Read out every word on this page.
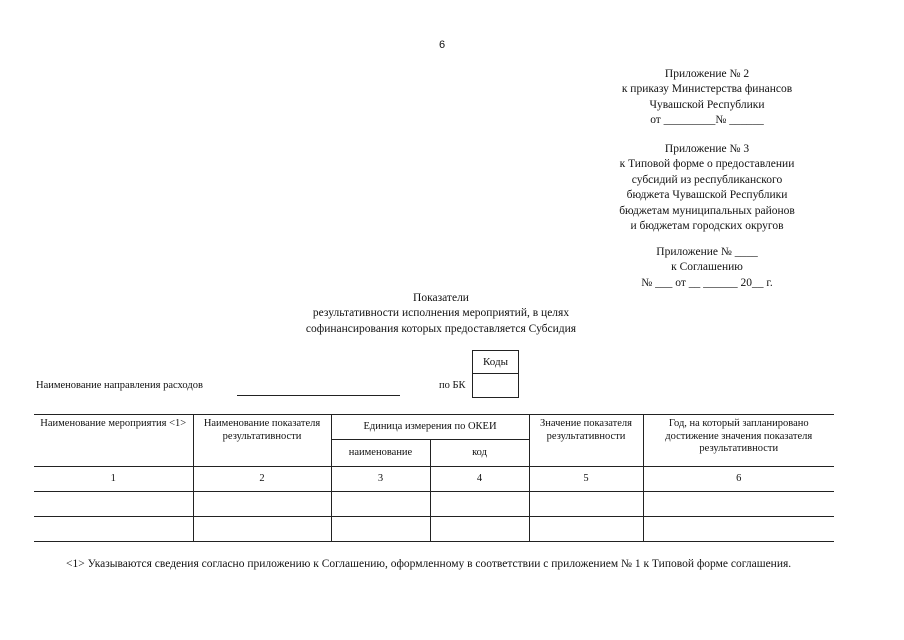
6
Приложение № 2
к приказу Министерства финансов
Чувашской Республики
от _________№ ______
Приложение № 3
к Типовой форме о предоставлении
субсидий из республиканского
бюджета Чувашской Республики
бюджетам муниципальных районов
и бюджетам городских округов
Приложение № ____
к Соглашению
№ ___ от __ ______ 20__ г.
Показатели
результативности исполнения мероприятий, в целях
софинансирования которых предоставляется Субсидия
Коды
Наименование направления расходов	по БК
Наименование мероприятия <1>	Наименование показателя результативности	Единица измерения по ОКЕИ		Значение показателя результативности	Год, на который запланировано достижение значения показателя результативности
		наименование	код		
1	2	3	4	5	6

<1> Указываются сведения согласно приложению к Соглашению, оформленному в соответствии с приложением № 1 к Типовой форме соглашения.
